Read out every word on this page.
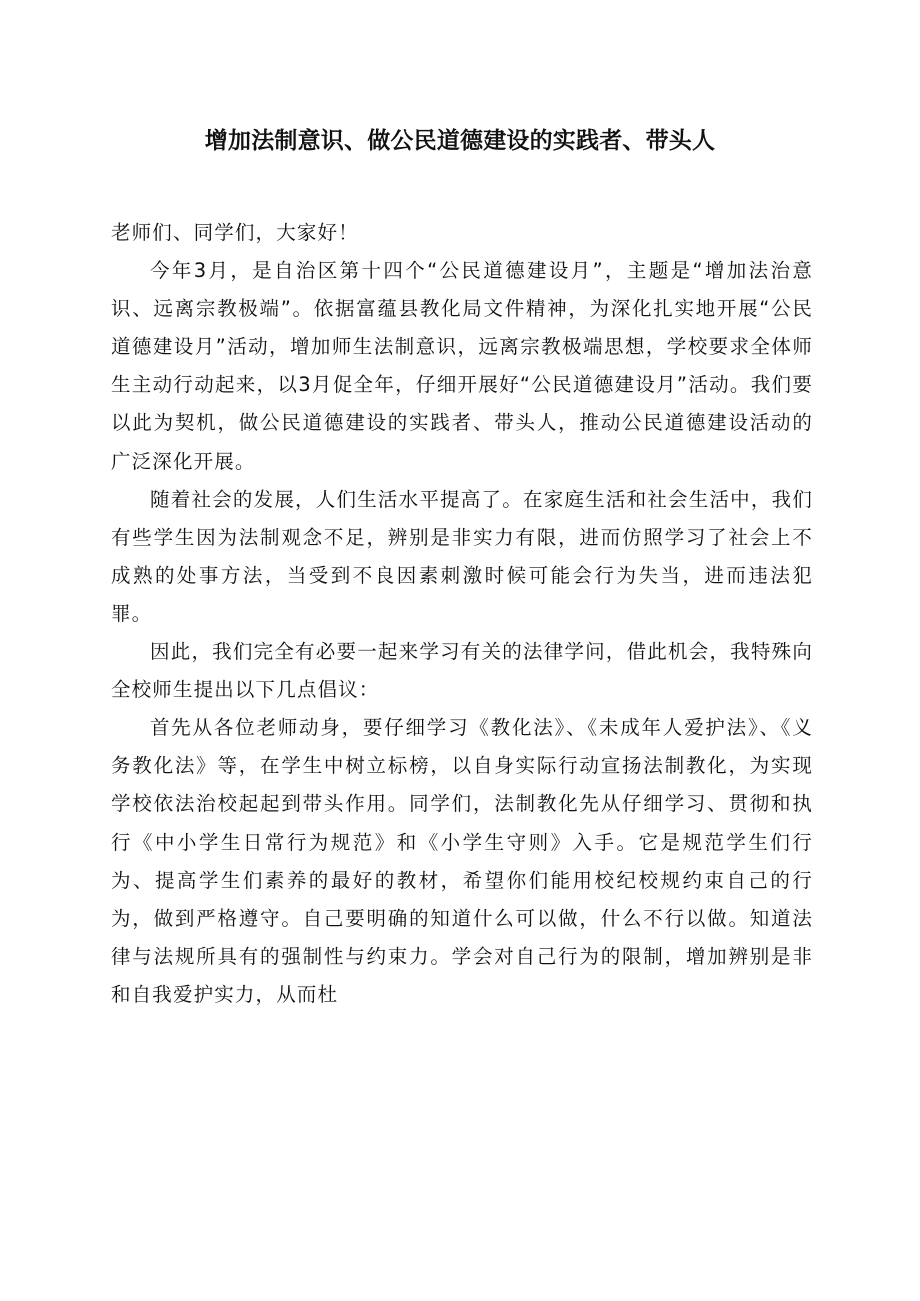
增加法制意识、做公民道德建设的实践者、带头人

老师们、同学们，大家好！

今年3月，是自治区第十四个“公民道德建设月”，主题是“增加法治意识、远离宗教极端”。依据富蕴县教化局文件精神，为深化扎实地开展“公民道德建设月”活动，增加师生法制意识，远离宗教极端思想，学校要求全体师生主动行动起来，以3月促全年，仔细开展好“公民道德建设月”活动。我们要以此为契机，做公民道德建设的实践者、带头人，推动公民道德建设活动的广泛深化开展。

随着社会的发展，人们生活水平提高了。在家庭生活和社会生活中，我们有些学生因为法制观念不足，辨别是非实力有限，进而仿照学习了社会上不成熟的处事方法，当受到不良因素刺激时候可能会行为失当，进而违法犯罪。

因此，我们完全有必要一起来学习有关的法律学问，借此机会，我特殊向全校师生提出以下几点倡议：

首先从各位老师动身，要仔细学习《教化法》、《未成年人爱护法》、《义务教化法》等，在学生中树立标榜，以自身实际行动宣扬法制教化，为实现学校依法治校起起到带头作用。同学们，法制教化先从仔细学习、贯彻和执行《中小学生日常行为规范》和《小学生守则》入手。它是规范学生们行为、提高学生们素养的最好的教材，希望你们能用校纪校规约束自己的行为，做到严格遵守。自己要明确的知道什么可以做，什么不行以做。知道法律与法规所具有的强制性与约束力。学会对自己行为的限制，增加辨别是非和自我爱护实力，从而杜
